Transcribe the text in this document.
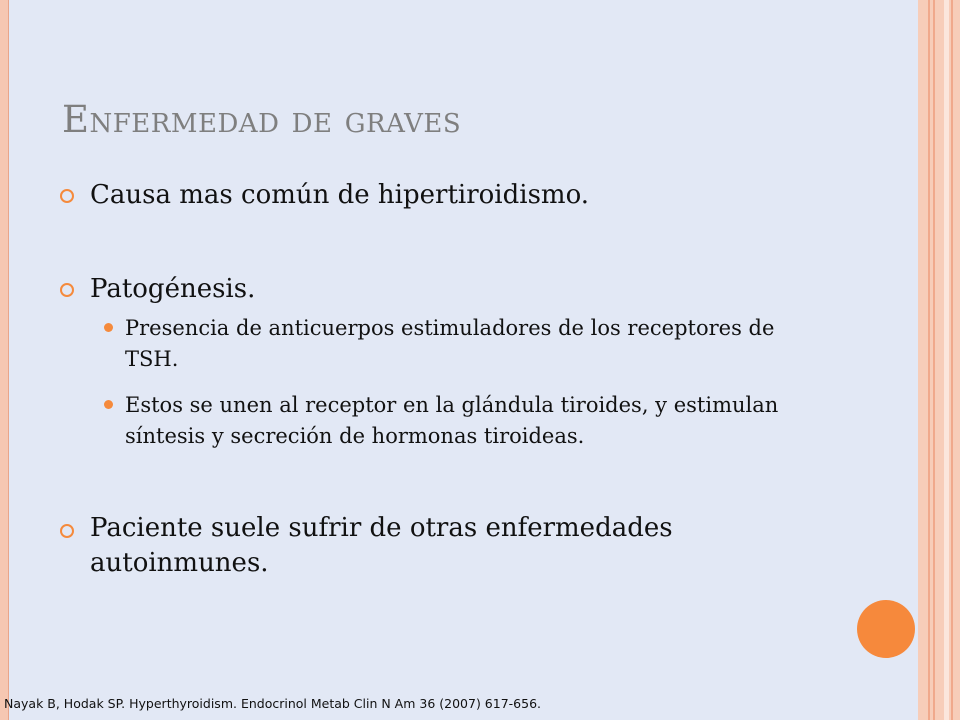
Enfermedad de graves
Causa mas común de hipertiroidismo.
Patogénesis.
Presencia de anticuerpos estimuladores de los receptores de TSH.
Estos se unen al receptor en la glándula tiroides, y estimulan síntesis y secreción de hormonas tiroideas.
Paciente suele sufrir de otras enfermedades autoinmunes.
Nayak B, Hodak SP. Hyperthyroidism. Endocrinol Metab Clin N Am 36 (2007) 617-656.
